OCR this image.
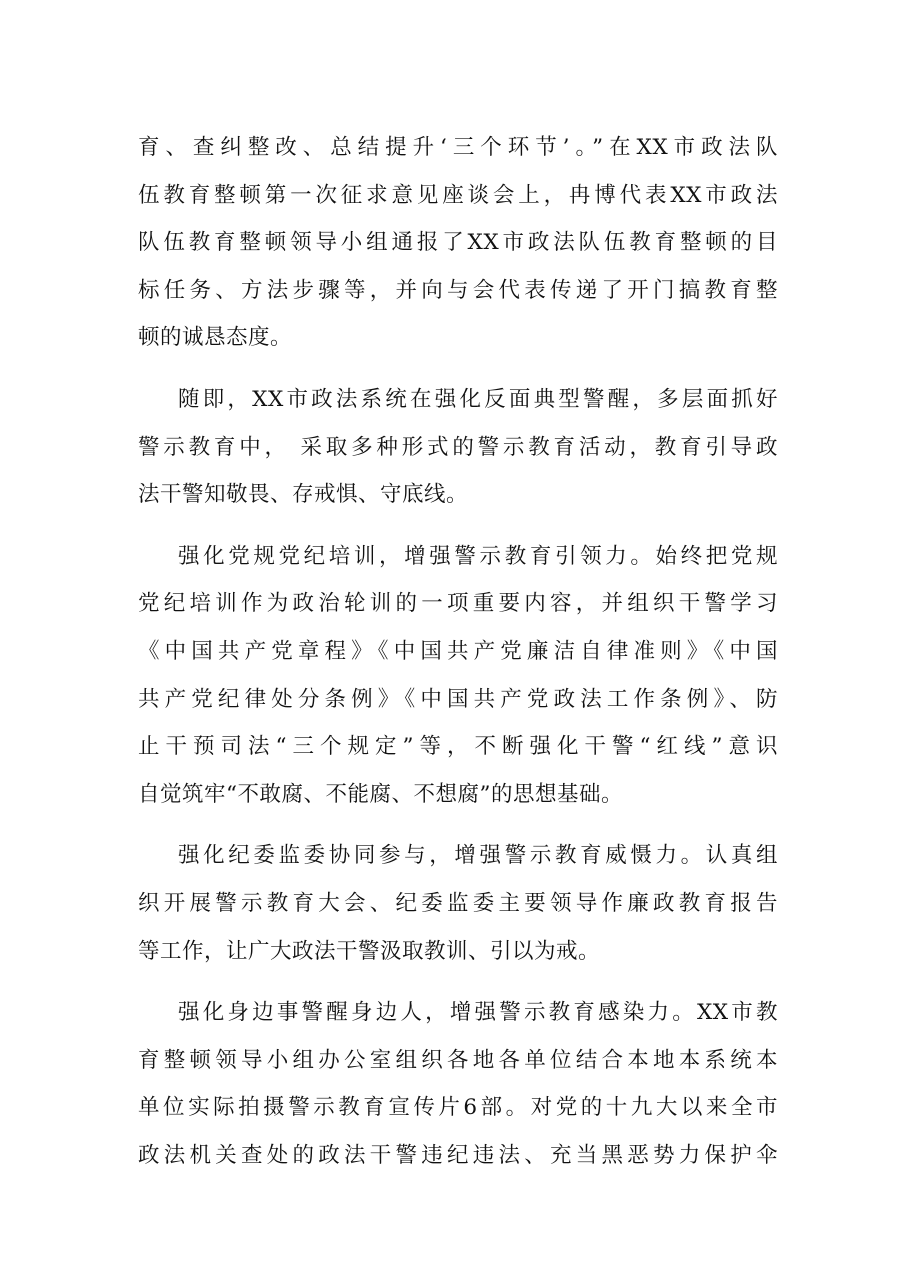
育、查纠整改、总结提升‘三个环节’。”在XX市政法队
伍教育整顿第一次征求意见座谈会上，冉博代表XX市政法
队伍教育整顿领导小组通报了XX市政法队伍教育整顿的目
标任务、方法步骤等，并向与会代表传递了开门搞教育整
顿的诚恳态度。
随即，XX市政法系统在强化反面典型警醒，多层面抓好
警示教育中， 采取多种形式的警示教育活动，教育引导政
法干警知敬畏、存戒惧、守底线。
强化党规党纪培训，增强警示教育引领力。始终把党规
党纪培训作为政治轮训的一项重要内容，并组织干警学习
《中国共产党章程》《中国共产党廉洁自律准则》《中国
共产党纪律处分条例》《中国共产党政法工作条例》、防
止干预司法“三个规定”等，不断强化干警“红线”意识
自觉筑牢“不敢腐、不能腐、不想腐”的思想基础。
强化纪委监委协同参与，增强警示教育威慑力。认真组
织开展警示教育大会、纪委监委主要领导作廉政教育报告
等工作，让广大政法干警汲取教训、引以为戒。
强化身边事警醒身边人，增强警示教育感染力。XX市教
育整顿领导小组办公室组织各地各单位结合本地本系统本
单位实际拍摄警示教育宣传片6部。对党的十九大以来全市
政法机关查处的政法干警违纪违法、充当黑恶势力保护伞
